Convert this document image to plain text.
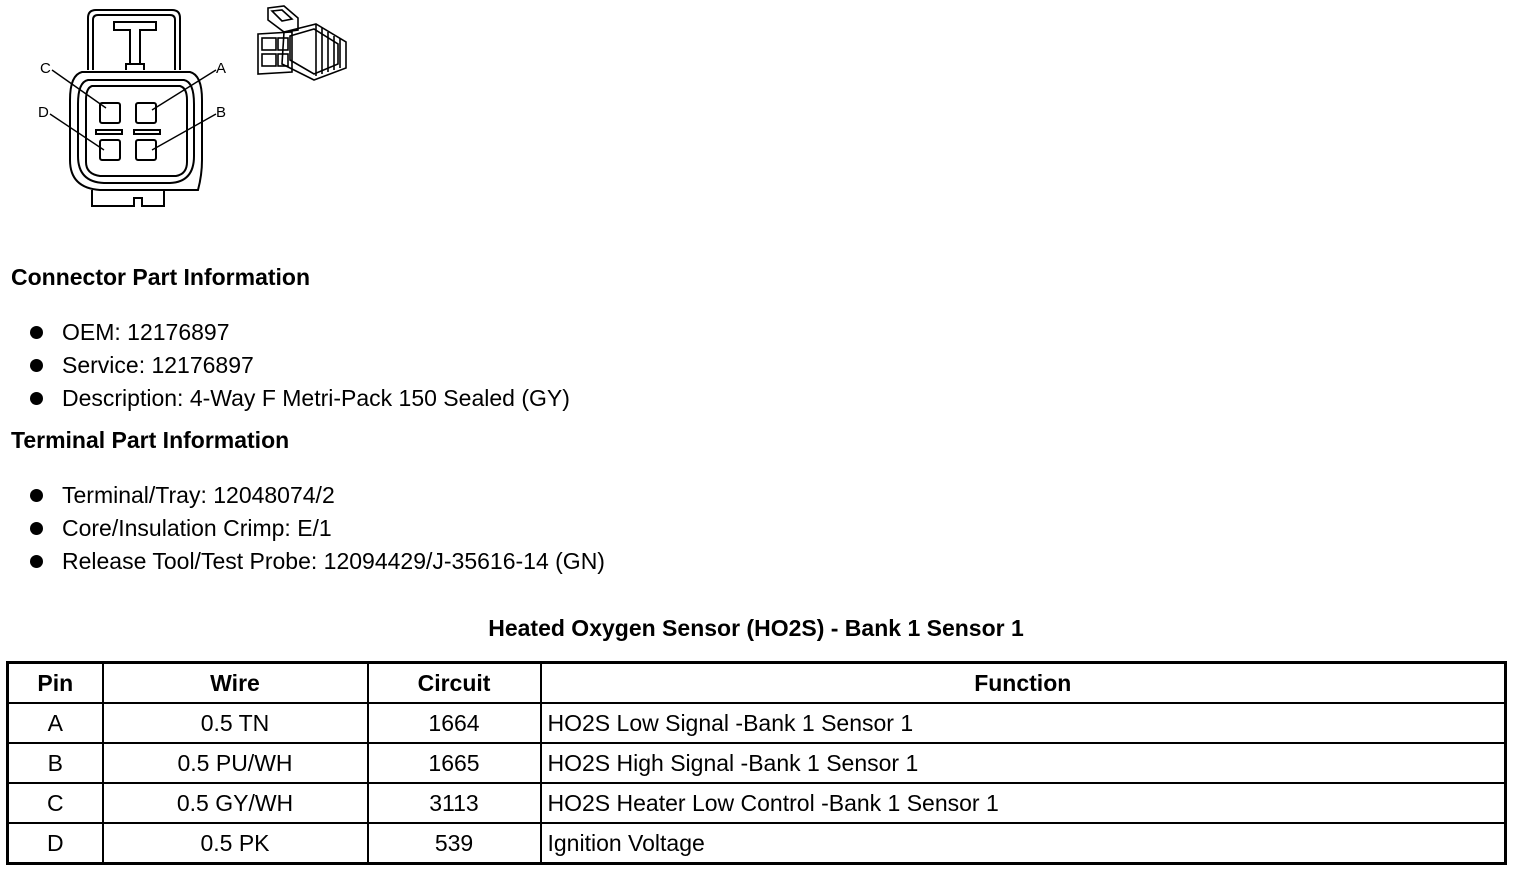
A
B
C
D
Connector Part Information
OEM: 12176897
Service: 12176897
Description: 4-Way F Metri-Pack 150 Sealed (GY)
Terminal Part Information
Terminal/Tray: 12048074/2
Core/Insulation Crimp: E/1
Release Tool/Test Probe: 12094429/J-35616-14 (GN)
Heated Oxygen Sensor (HO2S) - Bank 1 Sensor 1
Pin	Wire	Circuit	Function
A	0.5 TN	1664	HO2S Low Signal -Bank 1 Sensor 1
B	0.5 PU/WH	1665	HO2S High Signal -Bank 1 Sensor 1
C	0.5 GY/WH	3113	HO2S Heater Low Control -Bank 1 Sensor 1
D	0.5 PK	539	Ignition Voltage
